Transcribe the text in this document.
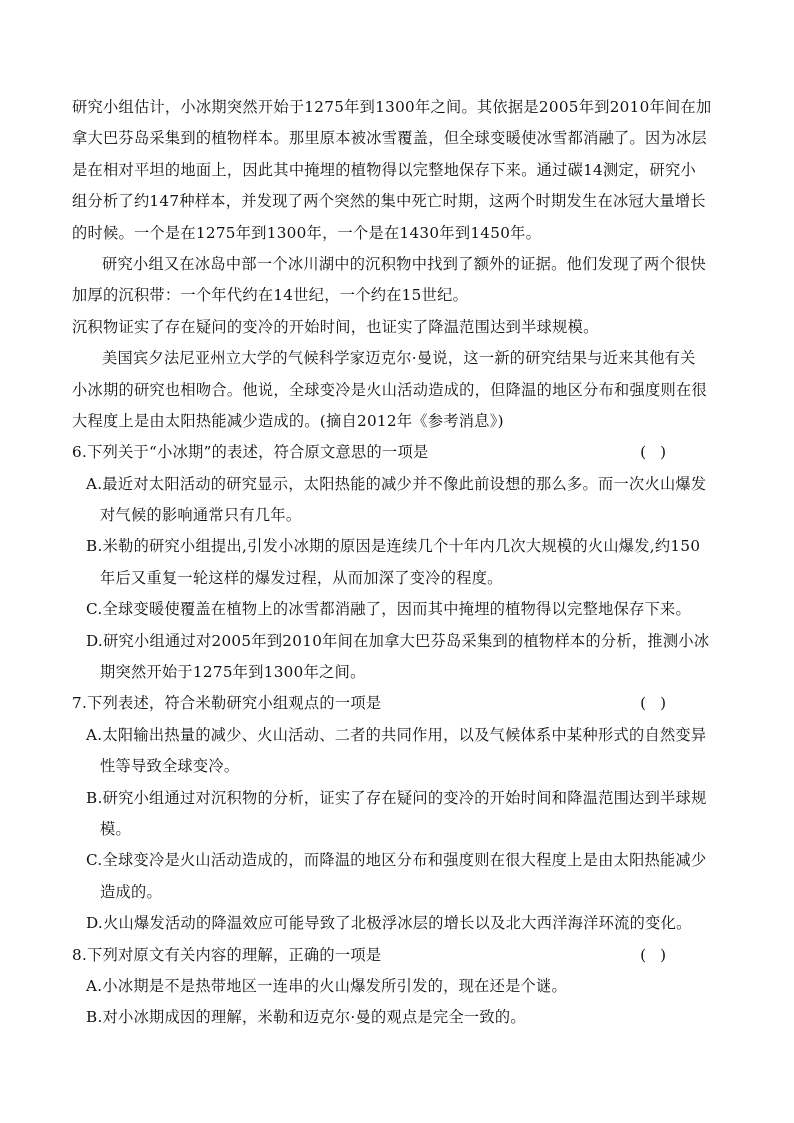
研究小组估计，小冰期突然开始于1275年到1300年之间。其依据是2005年到2010年间在加
拿大巴芬岛采集到的植物样本。那里原本被冰雪覆盖，但全球变暖使冰雪都消融了。因为冰层
是在相对平坦的地面上，因此其中掩埋的植物得以完整地保存下来。通过碳14测定，研究小
组分析了约147种样本，并发现了两个突然的集中死亡时期，这两个时期发生在冰冠大量增长
的时候。一个是在1275年到1300年，一个是在1430年到1450年。
研究小组又在冰岛中部一个冰川湖中的沉积物中找到了额外的证据。他们发现了两个很快
加厚的沉积带：一个年代约在14世纪，一个约在15世纪。
沉积物证实了存在疑问的变冷的开始时间，也证实了降温范围达到半球规模。
美国宾夕法尼亚州立大学的气候科学家迈克尔·曼说，这一新的研究结果与近来其他有关
小冰期的研究也相吻合。他说，全球变冷是火山活动造成的，但降温的地区分布和强度则在很
大程度上是由太阳热能减少造成的。(摘自2012年《参考消息》)
6.下列关于“小冰期”的表述，符合原文意思的一项是	()
A.最近对太阳活动的研究显示，太阳热能的减少并不像此前设想的那么多。而一次火山爆发
对气候的影响通常只有几年。
B.米勒的研究小组提出,引发小冰期的原因是连续几个十年内几次大规模的火山爆发,约150
年后又重复一轮这样的爆发过程，从而加深了变冷的程度。
C.全球变暖使覆盖在植物上的冰雪都消融了，因而其中掩埋的植物得以完整地保存下来。
D.研究小组通过对2005年到2010年间在加拿大巴芬岛采集到的植物样本的分析，推测小冰
期突然开始于1275年到1300年之间。
7.下列表述，符合米勒研究小组观点的一项是	()
A.太阳输出热量的减少、火山活动、二者的共同作用，以及气候体系中某种形式的自然变异
性等导致全球变冷。
B.研究小组通过对沉积物的分析，证实了存在疑问的变冷的开始时间和降温范围达到半球规
模。
C.全球变冷是火山活动造成的，而降温的地区分布和强度则在很大程度上是由太阳热能减少
造成的。
D.火山爆发活动的降温效应可能导致了北极浮冰层的增长以及北大西洋海洋环流的变化。
8.下列对原文有关内容的理解，正确的一项是	()
A.小冰期是不是热带地区一连串的火山爆发所引发的，现在还是个谜。
B.对小冰期成因的理解，米勒和迈克尔·曼的观点是完全一致的。
